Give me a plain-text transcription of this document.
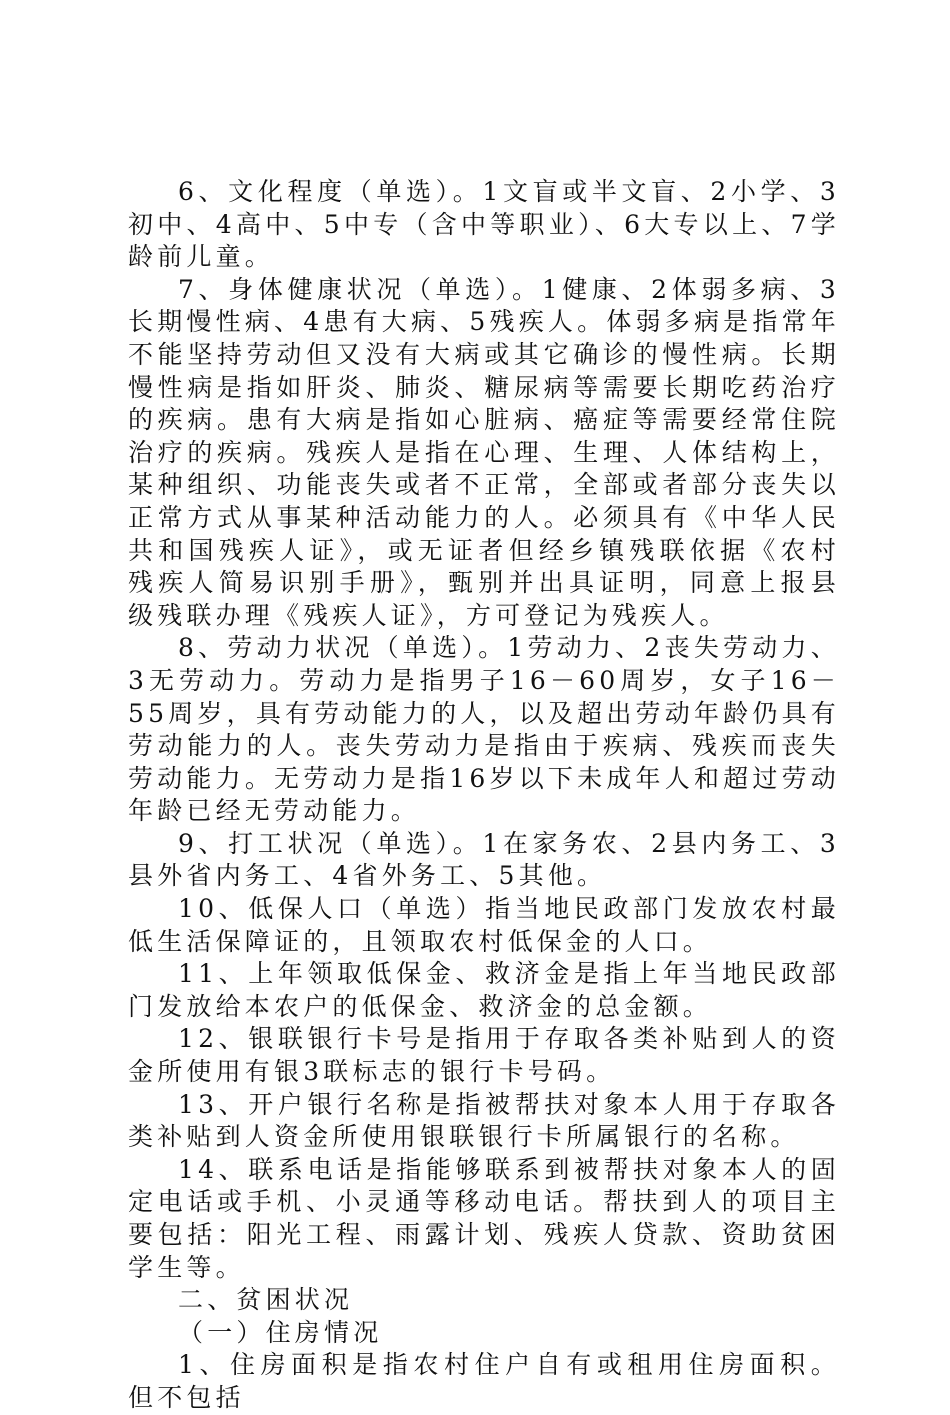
6、文化程度（单选）。1文盲或半文盲、2小学、3初中、4高中、5中专（含中等职业）、6大专以上、7学龄前儿童。

7、身体健康状况（单选）。1健康、2体弱多病、3长期慢性病、4患有大病、5残疾人。体弱多病是指常年不能坚持劳动但又没有大病或其它确诊的慢性病。长期慢性病是指如肝炎、肺炎、糖尿病等需要长期吃药治疗的疾病。患有大病是指如心脏病、癌症等需要经常住院治疗的疾病。残疾人是指在心理、生理、人体结构上，某种组织、功能丧失或者不正常，全部或者部分丧失以正常方式从事某种活动能力的人。必须具有《中华人民共和国残疾人证》，或无证者但经乡镇残联依据《农村残疾人简易识别手册》，甄别并出具证明，同意上报县级残联办理《残疾人证》，方可登记为残疾人。

8、劳动力状况（单选）。1劳动力、2丧失劳动力、3无劳动力。劳动力是指男子16－60周岁，女子16－55周岁，具有劳动能力的人，以及超出劳动年龄仍具有劳动能力的人。丧失劳动力是指由于疾病、残疾而丧失劳动能力。无劳动力是指16岁以下未成年人和超过劳动年龄已经无劳动能力。

9、打工状况（单选）。1在家务农、2县内务工、3县外省内务工、4省外务工、5其他。

10、低保人口（单选）指当地民政部门发放农村最低生活保障证的，且领取农村低保金的人口。

11、上年领取低保金、救济金是指上年当地民政部门发放给本农户的低保金、救济金的总金额。

12、银联银行卡号是指用于存取各类补贴到人的资金所使用有银3联标志的银行卡号码。

13、开户银行名称是指被帮扶对象本人用于存取各类补贴到人资金所使用银联银行卡所属银行的名称。

14、联系电话是指能够联系到被帮扶对象本人的固定电话或手机、小灵通等移动电话。帮扶到人的项目主要包括：阳光工程、雨露计划、残疾人贷款、资助贫困学生等。

二、贫困状况

（一）住房情况

1、住房面积是指农村住户自有或租用住房面积。但不包括
